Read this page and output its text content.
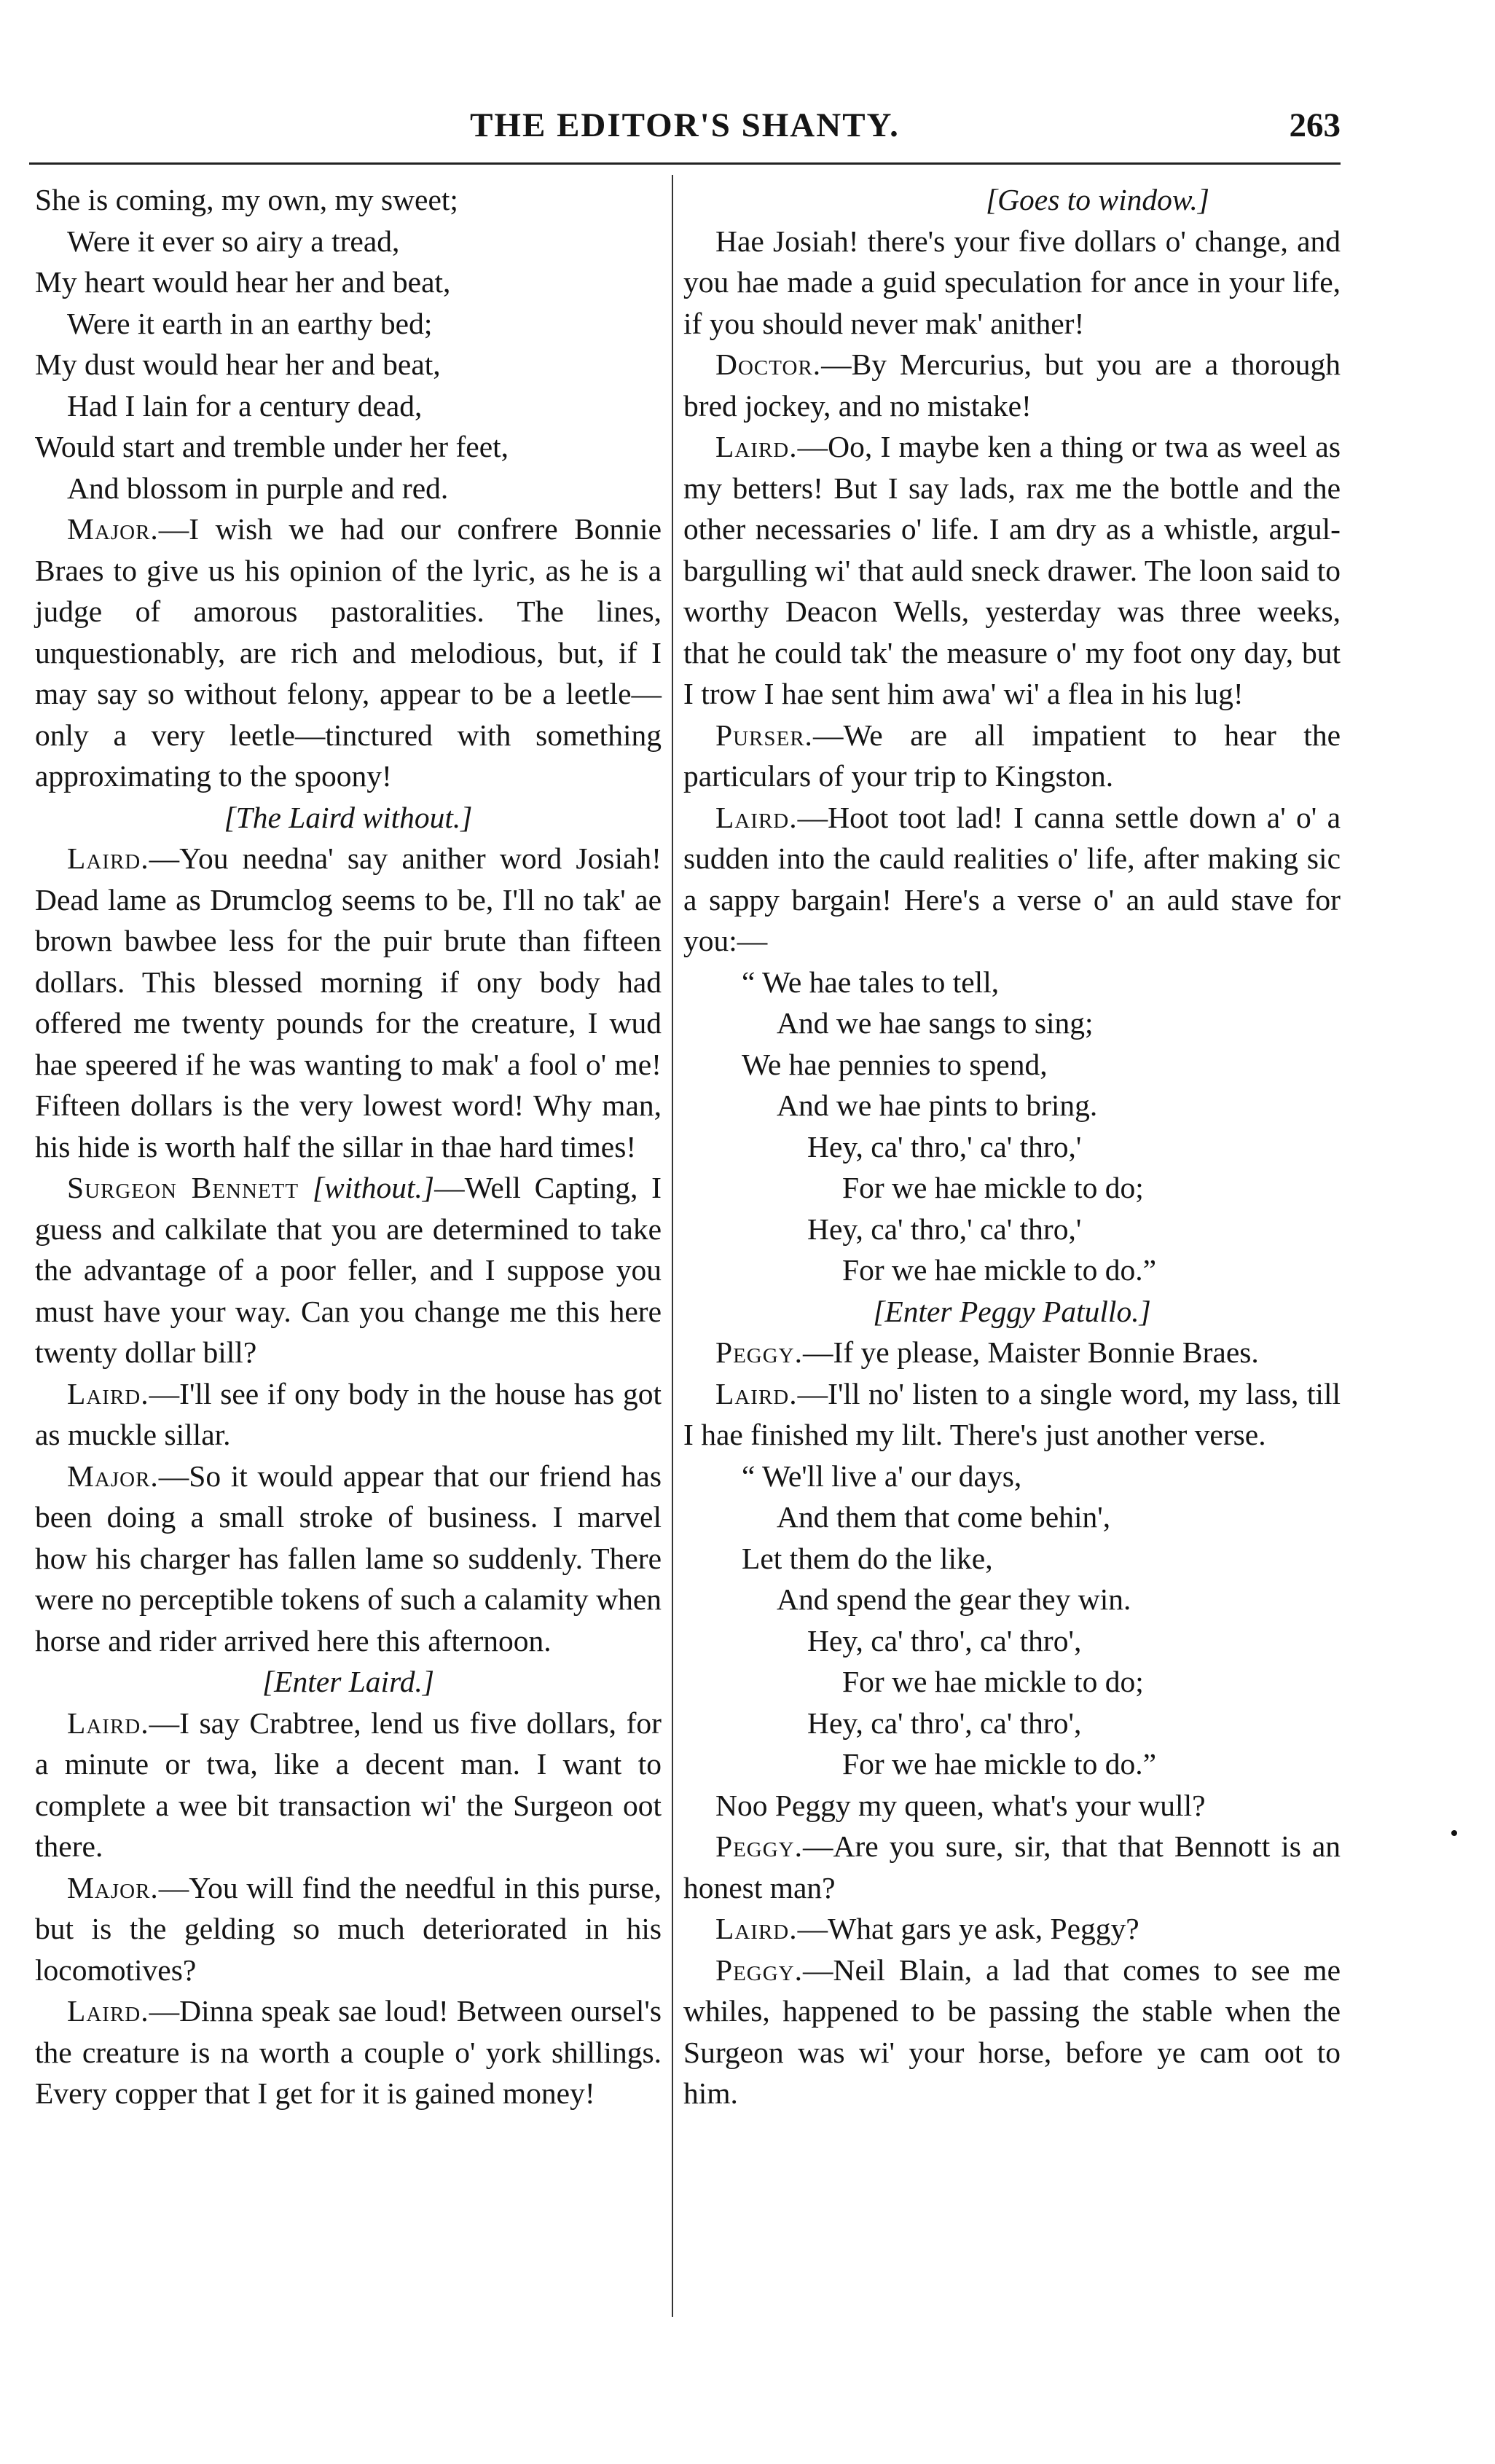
THE EDITOR'S SHANTY.	263
She is coming, my own, my sweet;
Were it ever so airy a tread,
My heart would hear her and beat,
Were it earth in an earthy bed;
My dust would hear her and beat,
Had I lain for a century dead,
Would start and tremble under her feet,
And blossom in purple and red.

Major.—I wish we had our confrere Bonnie Braes to give us his opinion of the lyric, as he is a judge of amorous pastoralities. The lines, unquestionably, are rich and melodious, but, if I may say so without felony, appear to be a leetle—only a very leetle—tinctured with something approximating to the spoony!

[The Laird without.]

Laird.—You needna' say anither word Josiah! Dead lame as Drumclog seems to be, I'll no tak' ae brown bawbee less for the puir brute than fifteen dollars. This blessed morning if ony body had offered me twenty pounds for the creature, I wud hae speered if he was wanting to mak' a fool o' me! Fifteen dollars is the very lowest word! Why man, his hide is worth half the sillar in thae hard times!

Surgeon Bennett [without.]—Well Capting, I guess and calkilate that you are determined to take the advantage of a poor feller, and I suppose you must have your way. Can you change me this here twenty dollar bill?

Laird.—I'll see if ony body in the house has got as muckle sillar.

Major.—So it would appear that our friend has been doing a small stroke of business. I marvel how his charger has fallen lame so suddenly. There were no perceptible tokens of such a calamity when horse and rider arrived here this afternoon.

[Enter Laird.]

Laird.—I say Crabtree, lend us five dollars, for a minute or twa, like a decent man. I want to complete a wee bit transaction wi' the Surgeon oot there.

Major.—You will find the needful in this purse, but is the gelding so much deteriorated in his locomotives?

Laird.—Dinna speak sae loud! Between oursel's the creature is na worth a couple o' york shillings. Every copper that I get for it is gained money!

[Goes to window.]

Hae Josiah! there's your five dollars o' change, and you hae made a guid speculation for ance in your life, if you should never mak' anither!

Doctor.—By Mercurius, but you are a thorough bred jockey, and no mistake!

Laird.—Oo, I maybe ken a thing or twa as weel as my betters! But I say lads, rax me the bottle and the other necessaries o' life. I am dry as a whistle, argul-bargulling wi' that auld sneck drawer. The loon said to worthy Deacon Wells, yesterday was three weeks, that he could tak' the measure o' my foot ony day, but I trow I hae sent him awa' wi' a flea in his lug!

Purser.—We are all impatient to hear the particulars of your trip to Kingston.

Laird.—Hoot toot lad! I canna settle down a' o' a sudden into the cauld realities o' life, after making sic a sappy bargain! Here's a verse o' an auld stave for you:—

“ We hae tales to tell,
And we hae sangs to sing;
We hae pennies to spend,
And we hae pints to bring.
Hey, ca' thro,' ca' thro,'
For we hae mickle to do;
Hey, ca' thro,' ca' thro,'
For we hae mickle to do.”

[Enter Peggy Patullo.]

Peggy.—If ye please, Maister Bonnie Braes.

Laird.—I'll no' listen to a single word, my lass, till I hae finished my lilt. There's just another verse.

“ We'll live a' our days,
And them that come behin',
Let them do the like,
And spend the gear they win.
Hey, ca' thro', ca' thro',
For we hae mickle to do;
Hey, ca' thro', ca' thro',
For we hae mickle to do.”

Noo Peggy my queen, what's your wull?

Peggy.—Are you sure, sir, that that Bennott is an honest man?

Laird.—What gars ye ask, Peggy?

Peggy.—Neil Blain, a lad that comes to see me whiles, happened to be passing the stable when the Surgeon was wi' your horse, before ye cam oot to him.
